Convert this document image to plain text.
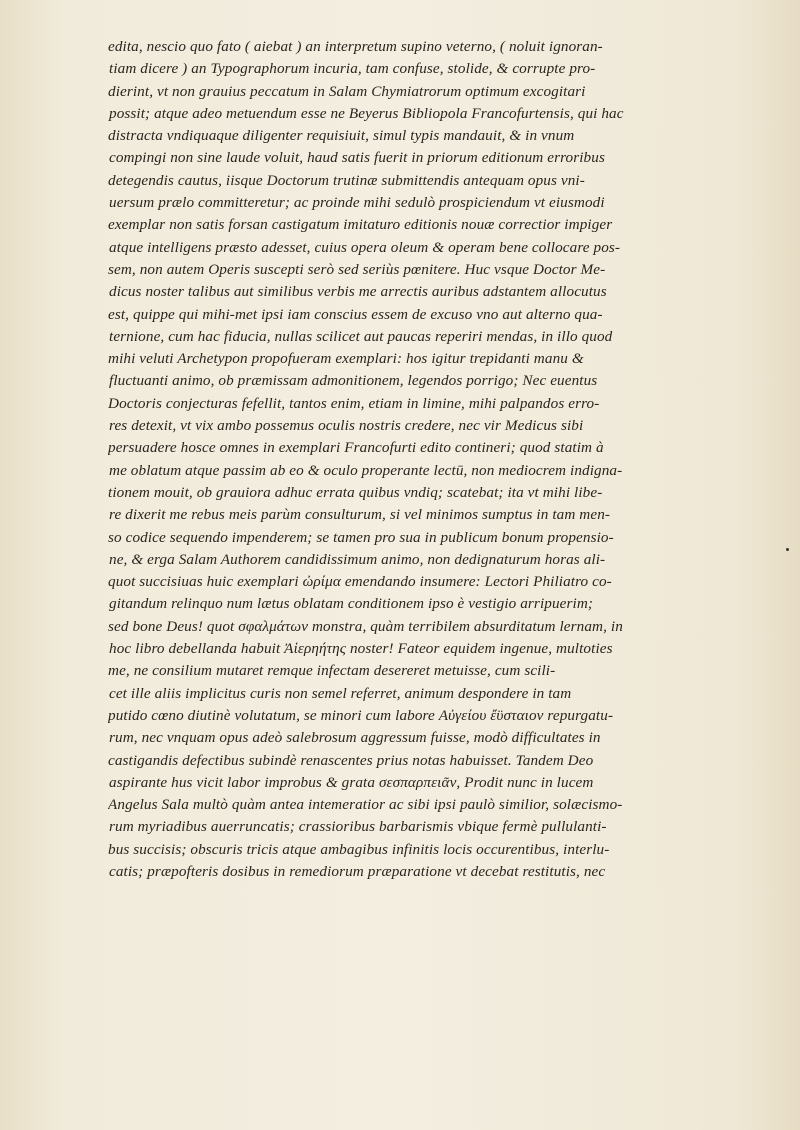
edita, nescio quo fato ( aiebat ) an interpretum supino veterno, ( noluit ignoran-
tiam dicere ) an Typographorum incuria, tam confuse, stolide, & corrupte pro-
dierint, vt non grauius peccatum in Salam Chymiatrorum optimum excogitari
possit; atque adeo metuendum esse ne Beyerus Bibliopola Francofurtensis, qui hac
distracta vndiquaque diligenter requisiuit, simul typis mandauit, & in vnum
compingi non sine laude voluit, haud satis fuerit in priorum editionum erroribus
detegendis cautus, iisque Doctorum trutinæ submittendis antequam opus vni-
uersum prælo committeretur; ac proinde mihi sedulò prospiciendum vt eiusmodi
exemplar non satis forsan castigatum imitaturo editionis nouæ correctior impiger
atque intelligens præsto adesset, cuius opera oleum & operam bene collocare pos-
sem, non autem Operis suscepti serò sed seriùs pœnitere. Huc vsque Doctor Me-
dicus noster talibus aut similibus verbis me arrectis auribus adstantem allocutus
est, quippe qui mihi-met ipsi iam conscius essem de excuso vno aut alterno qua-
ternione, cum hac fiducia, nullas scilicet aut paucas reperiri mendas, in illo quod
mihi veluti Archetypon propofueram exemplari: hos igitur trepidanti manu &
fluctuanti animo, ob præmissam admonitionem, legendos porrigo; Nec euentus
Doctoris conjecturas fefellit, tantos enim, etiam in limine, mihi palpandos erro-
res detexit, vt vix ambo possemus oculis nostris credere, nec vir Medicus sibi
persuadere hosce omnes in exemplari Francofurti edito contineri; quod statim à
me oblatum atque passim ab eo & oculo properante lectū, non mediocrem indigna-
tionem mouit, ob grauiora adhuc errata quibus vndiq; scatebat; ita vt mihi libe-
re dixerit me rebus meis parùm consulturum, si vel minimos sumptus in tam men-
so codice sequendo impenderem; se tamen pro sua in publicum bonum propensio-
ne, & erga Salam Authorem candidissimum animo, non dedignaturum horas ali-
quot succisiuas huic exemplari ὠρίμα emendando insumere: Lectori Philiatro co-
gitandum relinquo num lætus oblatam conditionem ipso è vestigio arripuerim;
sed bone Deus! quot σφαλμάτων monstra, quàm terribilem absurditatum lernam, in
hoc libro debellanda habuit Ἀἱερηήτης noster! Fateor equidem ingenue, multoties
me, ne consilium mutaret remque infectam desereret metuisse, cum scili-
cet ille aliis implicitus curis non semel referret, animum despondere in tam
putido cœno diutinè volutatum, se minori cum labore Αὐγείου ἔϋσταιον repurgatu-
rum, nec vnquam opus adeò salebrosum aggressum fuisse, modò difficultates in
castigandis defectibus subindè renascentes prius notas habuisset. Tandem Deo
aspirante hus vicit labor improbus & grata σεσπαρπειᾶν, Prodit nunc in lucem
Angelus Sala multò quàm antea intemeratior ac sibi ipsi paulò similior, solæcismo-
rum myriadibus auerruncatis; crassioribus barbarismis vbique fermè pullulanti-
bus succisis; obscuris tricis atque ambagibus infinitis locis occurentibus, interlu-
catis; præpofteris dosibus in remediorum præparatione vt decebat restitutis, nec
